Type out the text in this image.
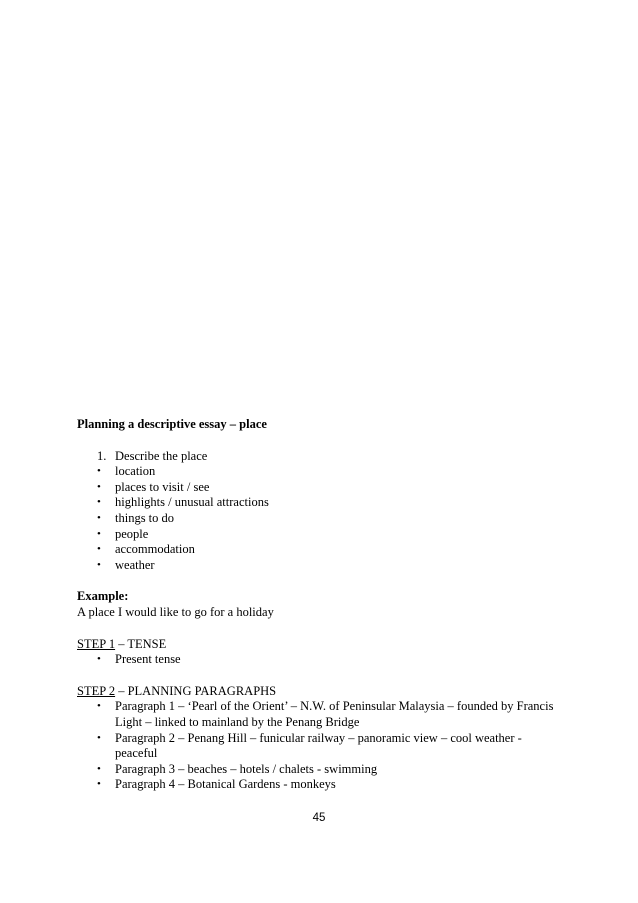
Planning a descriptive essay – place
1. Describe the place
• location
• places to visit / see
• highlights / unusual attractions
• things to do
• people
• accommodation
• weather
Example:
A place I would like to go for a holiday
STEP 1 – TENSE
• Present tense
STEP 2 – PLANNING PARAGRAPHS
• Paragraph 1 – ‘Pearl of the Orient’ – N.W. of Peninsular Malaysia – founded by Francis Light – linked to mainland by the Penang Bridge
• Paragraph 2 – Penang Hill – funicular railway – panoramic view – cool weather - peaceful
• Paragraph 3 – beaches – hotels / chalets - swimming
• Paragraph 4 – Botanical Gardens - monkeys
45
